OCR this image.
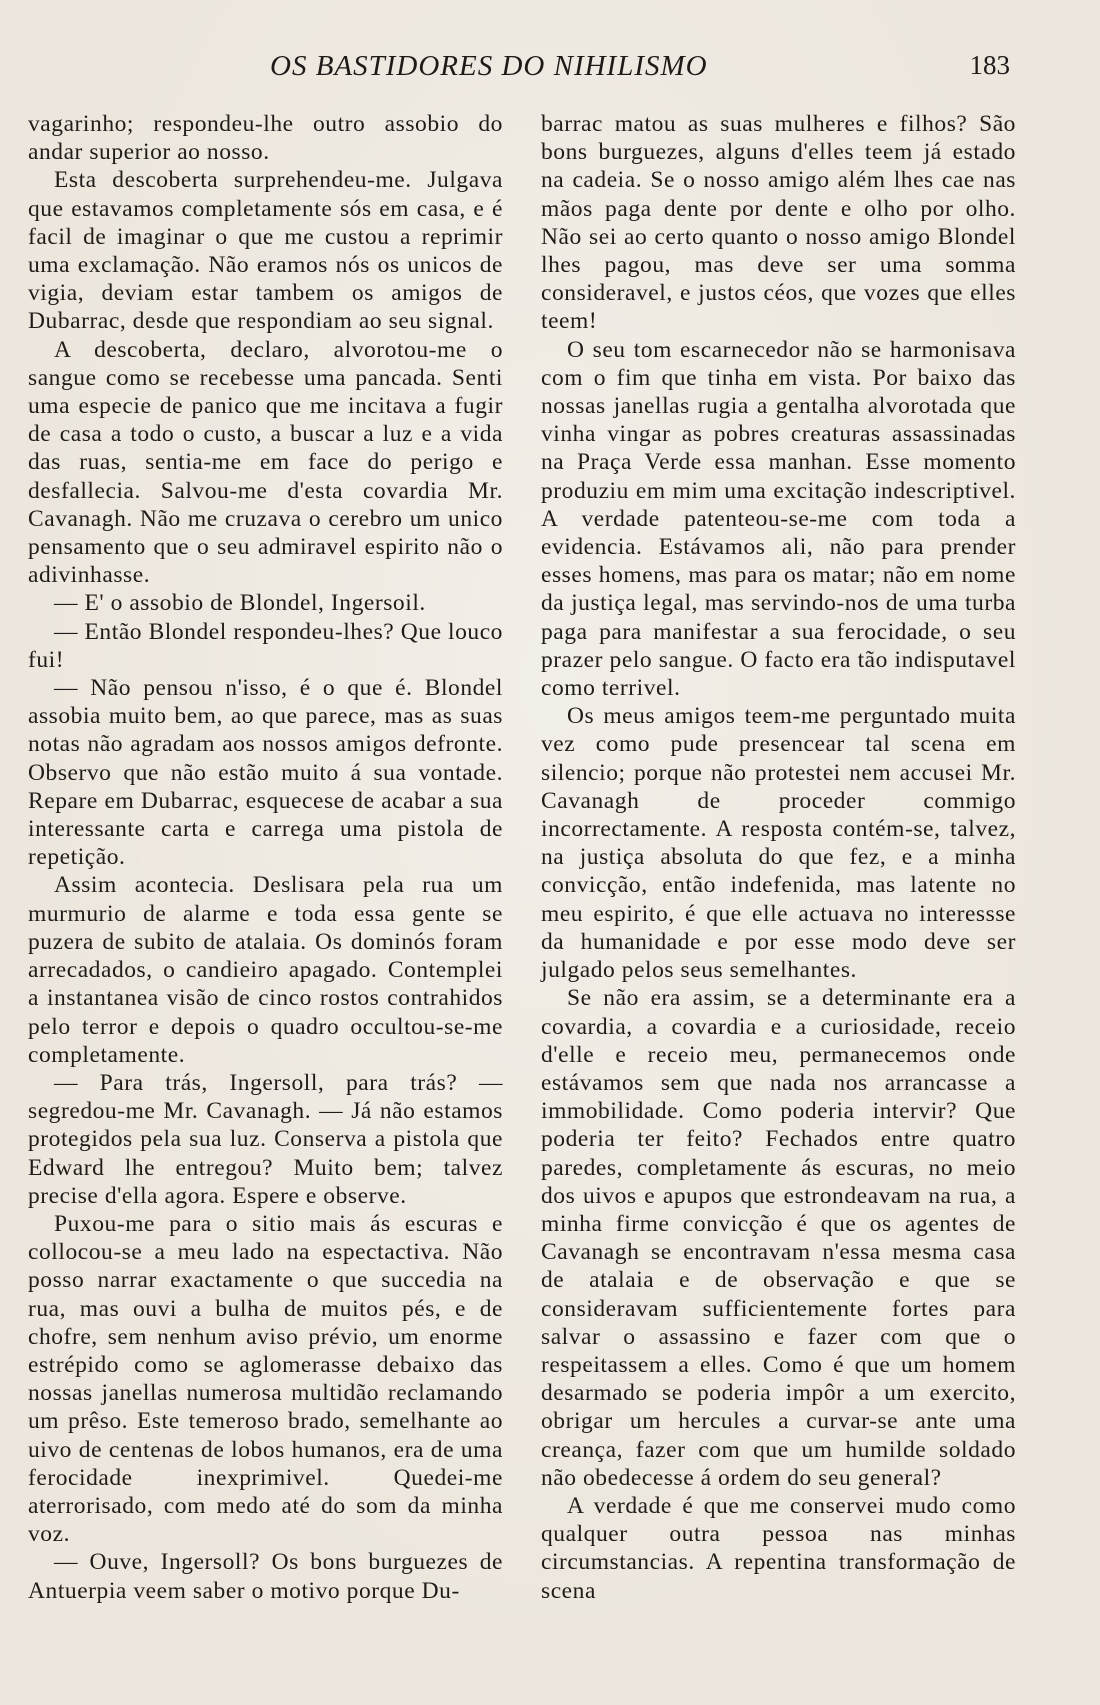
OS BASTIDORES DO NIHILISMO	183

vagarinho; respondeu-lhe outro assobio do andar superior ao nosso.

Esta descoberta surprehendeu-me. Julgava que estavamos completamente sós em casa, e é facil de imaginar o que me custou a reprimir uma exclamação. Não eramos nós os unicos de vigia, deviam estar tambem os amigos de Dubarrac, desde que respondiam ao seu signal.

A descoberta, declaro, alvorotou-me o sangue como se recebesse uma pancada. Senti uma especie de panico que me incitava a fugir de casa a todo o custo, a buscar a luz e a vida das ruas, sentia-me em face do perigo e desfallecia. Salvou-me d'esta covardia Mr. Cavanagh. Não me cruzava o cerebro um unico pensamento que o seu admiravel espirito não o adivinhasse.

— E' o assobio de Blondel, Ingersoil.

— Então Blondel respondeu-lhes? Que louco fui!

— Não pensou n'isso, é o que é. Blondel assobia muito bem, ao que parece, mas as suas notas não agradam aos nossos amigos defronte. Observo que não estão muito á sua vontade. Repare em Dubarrac, esquecese de acabar a sua interessante carta e carrega uma pistola de repetição.

Assim acontecia. Deslisara pela rua um murmurio de alarme e toda essa gente se puzera de subito de atalaia. Os dominós foram arrecadados, o candieiro apagado. Contemplei a instantanea visão de cinco rostos contrahidos pelo terror e depois o quadro occultou-se-me completamente.

— Para trás, Ingersoll, para trás? — segredou-me Mr. Cavanagh. — Já não estamos protegidos pela sua luz. Conserva a pistola que Edward lhe entregou? Muito bem; talvez precise d'ella agora. Espere e observe.

Puxou-me para o sitio mais ás escuras e collocou-se a meu lado na espectactiva. Não posso narrar exactamente o que succedia na rua, mas ouvi a bulha de muitos pés, e de chofre, sem nenhum aviso prévio, um enorme estrépido como se aglomerasse debaixo das nossas janellas numerosa multidão reclamando um prêso. Este temeroso brado, semelhante ao uivo de centenas de lobos humanos, era de uma ferocidade inexprimivel. Quedei-me aterrorisado, com medo até do som da minha voz.

— Ouve, Ingersoll? Os bons burguezes de Antuerpia veem saber o motivo porque Du-

barrac matou as suas mulheres e filhos? São bons burguezes, alguns d'elles teem já estado na cadeia. Se o nosso amigo além lhes cae nas mãos paga dente por dente e olho por olho. Não sei ao certo quanto o nosso amigo Blondel lhes pagou, mas deve ser uma somma consideravel, e justos céos, que vozes que elles teem!

O seu tom escarnecedor não se harmonisava com o fim que tinha em vista. Por baixo das nossas janellas rugia a gentalha alvorotada que vinha vingar as pobres creaturas assassinadas na Praça Verde essa manhan. Esse momento produziu em mim uma excitação indescriptivel. A verdade patenteou-se-me com toda a evidencia. Estávamos ali, não para prender esses homens, mas para os matar; não em nome da justiça legal, mas servindo-nos de uma turba paga para manifestar a sua ferocidade, o seu prazer pelo sangue. O facto era tão indisputavel como terrivel.

Os meus amigos teem-me perguntado muita vez como pude presencear tal scena em silencio; porque não protestei nem accusei Mr. Cavanagh de proceder commigo incorrectamente. A resposta contém-se, talvez, na justiça absoluta do que fez, e a minha convicção, então indefenida, mas latente no meu espirito, é que elle actuava no interessse da humanidade e por esse modo deve ser julgado pelos seus semelhantes.

Se não era assim, se a determinante era a covardia, a covardia e a curiosidade, receio d'elle e receio meu, permanecemos onde estávamos sem que nada nos arrancasse a immobilidade. Como poderia intervir? Que poderia ter feito? Fechados entre quatro paredes, completamente ás escuras, no meio dos uivos e apupos que estrondeavam na rua, a minha firme convicção é que os agentes de Cavanagh se encontravam n'essa mesma casa de atalaia e de observação e que se consideravam sufficientemente fortes para salvar o assassino e fazer com que o respeitassem a elles. Como é que um homem desarmado se poderia impôr a um exercito, obrigar um hercules a curvar-se ante uma creança, fazer com que um humilde soldado não obedecesse á ordem do seu general?

A verdade é que me conservei mudo como qualquer outra pessoa nas minhas circumstancias. A repentina transformação de scena
